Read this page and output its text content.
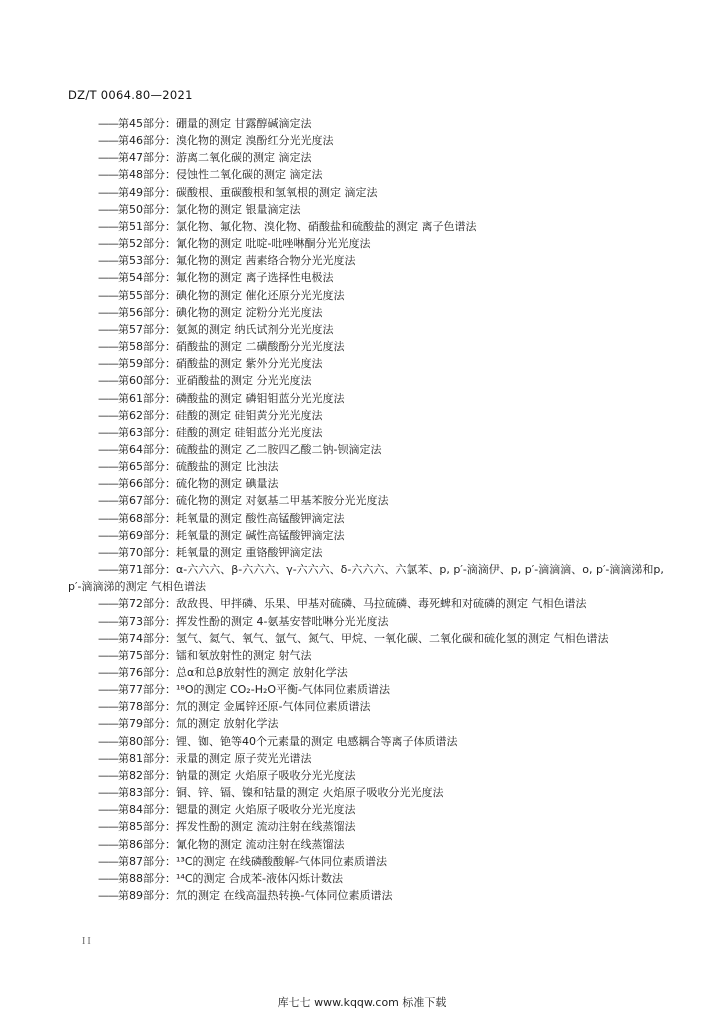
DZ/T 0064.80—2021

——第45部分：硼量的测定 甘露醇碱滴定法

——第46部分：溴化物的测定 溴酚红分光光度法

——第47部分：游离二氧化碳的测定 滴定法

——第48部分：侵蚀性二氧化碳的测定 滴定法

——第49部分：碳酸根、重碳酸根和氢氧根的测定 滴定法

——第50部分：氯化物的测定 银量滴定法

——第51部分：氯化物、氟化物、溴化物、硝酸盐和硫酸盐的测定 离子色谱法

——第52部分：氰化物的测定 吡啶-吡唑啉酮分光光度法

——第53部分：氟化物的测定 茜素络合物分光光度法

——第54部分：氟化物的测定 离子选择性电极法

——第55部分：碘化物的测定 催化还原分光光度法

——第56部分：碘化物的测定 淀粉分光光度法

——第57部分：氨氮的测定 纳氏试剂分光光度法

——第58部分：硝酸盐的测定 二磺酸酚分光光度法

——第59部分：硝酸盐的测定 紫外分光光度法

——第60部分：亚硝酸盐的测定 分光光度法

——第61部分：磷酸盐的测定 磷钼钼蓝分光光度法

——第62部分：硅酸的测定 硅钼黄分光光度法

——第63部分：硅酸的测定 硅钼蓝分光光度法

——第64部分：硫酸盐的测定 乙二胺四乙酸二钠-钡滴定法

——第65部分：硫酸盐的测定 比浊法

——第66部分：硫化物的测定 碘量法

——第67部分：硫化物的测定 对氨基二甲基苯胺分光光度法

——第68部分：耗氧量的测定 酸性高锰酸钾滴定法

——第69部分：耗氧量的测定 碱性高锰酸钾滴定法

——第70部分：耗氧量的测定 重铬酸钾滴定法

——第71部分：α-六六六、β-六六六、γ-六六六、δ-六六六、六氯苯、p, p′-滴滴伊、p, p′-滴滴滴、o, p′-滴滴涕和p, p′-滴滴涕的测定 气相色谱法

——第72部分：敌敌畏、甲拌磷、乐果、甲基对硫磷、马拉硫磷、毒死蜱和对硫磷的测定 气相色谱法

——第73部分：挥发性酚的测定 4-氨基安替吡啉分光光度法

——第74部分：氢气、氦气、氧气、氩气、氮气、甲烷、一氧化碳、二氧化碳和硫化氢的测定 气相色谱法

——第75部分：镭和氡放射性的测定 射气法

——第76部分：总α和总β放射性的测定 放射化学法

——第77部分：¹⁸O的测定 CO₂-H₂O平衡-气体同位素质谱法

——第78部分：氘的测定 金属锌还原-气体同位素质谱法

——第79部分：氚的测定 放射化学法

——第80部分：锂、铷、铯等40个元素量的测定 电感耦合等离子体质谱法

——第81部分：汞量的测定 原子荧光光谱法

——第82部分：钠量的测定 火焰原子吸收分光光度法

——第83部分：铜、锌、镉、镍和钴量的测定 火焰原子吸收分光光度法

——第84部分：锶量的测定 火焰原子吸收分光光度法

——第85部分：挥发性酚的测定 流动注射在线蒸馏法

——第86部分：氰化物的测定 流动注射在线蒸馏法

——第87部分：¹³C的测定 在线磷酸酸解-气体同位素质谱法

——第88部分：¹⁴C的测定 合成苯-液体闪烁计数法

——第89部分：氘的测定 在线高温热转换-气体同位素质谱法

II
库七七 www.kqqw.com 标准下载
